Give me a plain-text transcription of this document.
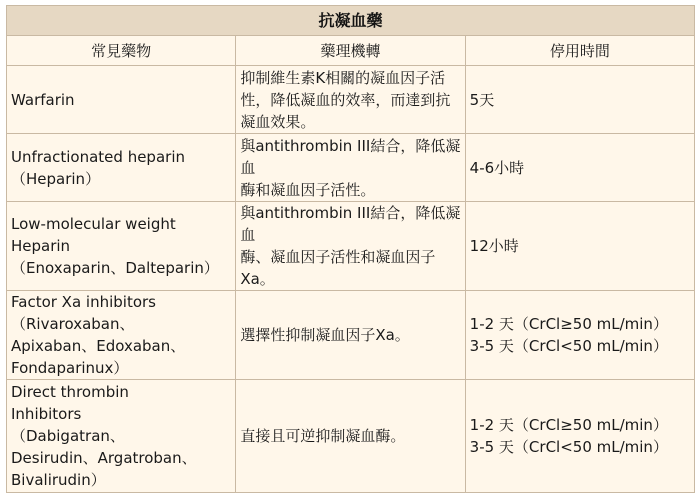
抗凝血藥		
常見藥物	藥理機轉	停用時間

Warfarin	抑制維生素K相關的凝血因子活
性，降低凝血的效率，而達到抗
凝血效果。	5天

Unfractionated heparin
（Heparin）	與antithrombin III結合，降低凝血
酶和凝血因子活性。	4-6小時

Low-molecular weight
Heparin
（Enoxaparin、Dalteparin）	與antithrombin III結合，降低凝血
酶、凝血因子活性和凝血因子Xa。	12小時

Factor Xa inhibitors
（Rivaroxaban、
Apixaban、Edoxaban、
Fondaparinux）	選擇性抑制凝血因子Xa。	1-2 天（CrCl≥50 mL/min）
3-5 天（CrCl<50 mL/min）

Direct thrombin
Inhibitors
（Dabigatran、
Desirudin、Argatroban、
Bivalirudin）	直接且可逆抑制凝血酶。	1-2 天（CrCl≥50 mL/min）
3-5 天（CrCl<50 mL/min）
